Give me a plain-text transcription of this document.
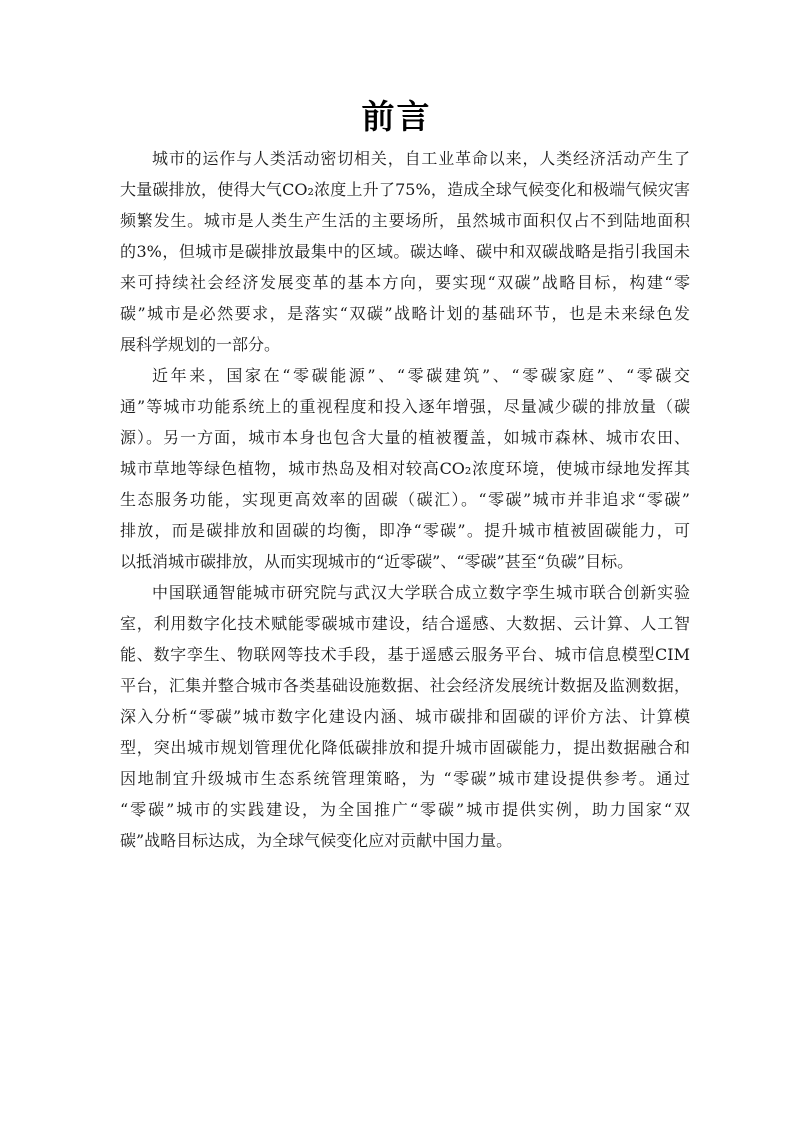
前言
城市的运作与人类活动密切相关，自工业革命以来，人类经济活动产生了
大量碳排放，使得大气CO₂浓度上升了75%，造成全球气候变化和极端气候灾害
频繁发生。城市是人类生产生活的主要场所，虽然城市面积仅占不到陆地面积
的3%，但城市是碳排放最集中的区域。碳达峰、碳中和双碳战略是指引我国未
来可持续社会经济发展变革的基本方向，要实现“双碳”战略目标，构建“零
碳”城市是必然要求，是落实“双碳”战略计划的基础环节，也是未来绿色发
展科学规划的一部分。
近年来，国家在“零碳能源”、“零碳建筑”、“零碳家庭”、“零碳交
通”等城市功能系统上的重视程度和投入逐年增强，尽量减少碳的排放量（碳
源）。另一方面，城市本身也包含大量的植被覆盖，如城市森林、城市农田、
城市草地等绿色植物，城市热岛及相对较高CO₂浓度环境，使城市绿地发挥其
生态服务功能，实现更高效率的固碳（碳汇）。“零碳”城市并非追求“零碳”
排放，而是碳排放和固碳的均衡，即净“零碳”。提升城市植被固碳能力，可
以抵消城市碳排放，从而实现城市的“近零碳”、“零碳”甚至“负碳”目标。
中国联通智能城市研究院与武汉大学联合成立数字孪生城市联合创新实验
室，利用数字化技术赋能零碳城市建设，结合遥感、大数据、云计算、人工智
能、数字孪生、物联网等技术手段，基于遥感云服务平台、城市信息模型CIM
平台，汇集并整合城市各类基础设施数据、社会经济发展统计数据及监测数据，
深入分析“零碳”城市数字化建设内涵、城市碳排和固碳的评价方法、计算模
型，突出城市规划管理优化降低碳排放和提升城市固碳能力，提出数据融合和
因地制宜升级城市生态系统管理策略，为 “零碳”城市建设提供参考。通过
“零碳”城市的实践建设，为全国推广“零碳”城市提供实例，助力国家“双
碳”战略目标达成，为全球气候变化应对贡献中国力量。
